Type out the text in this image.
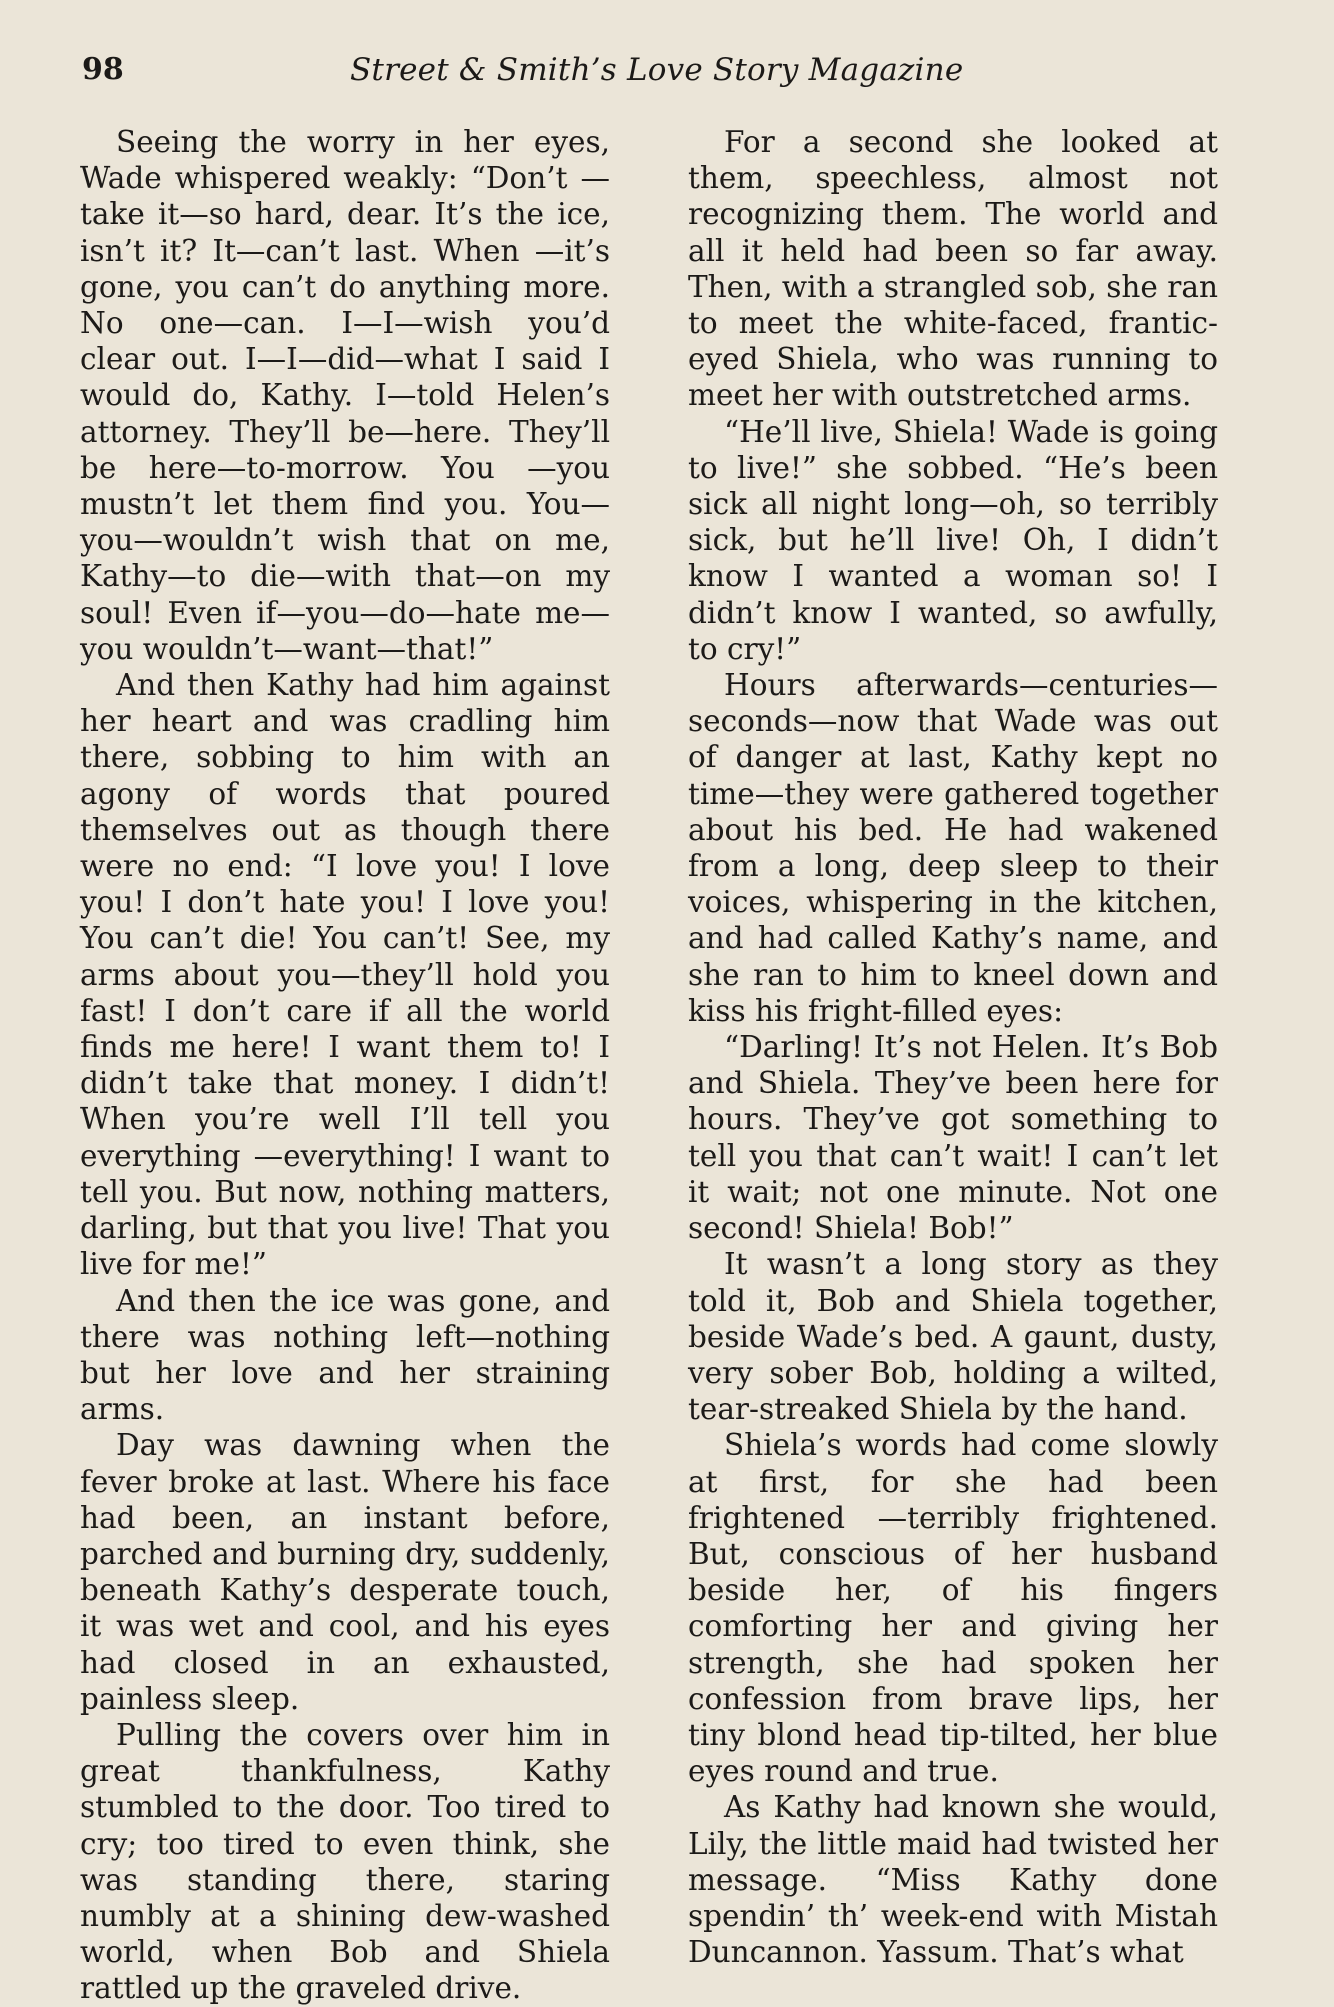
98	Street & Smith’s Love Story Magazine

Seeing the worry in her eyes, Wade whispered weakly: “Don’t —take it—so hard, dear. It’s the ice, isn’t it? It—can’t last. When —it’s gone, you can’t do anything more. No one—can. I—I—wish you’d clear out. I—I—did—what I said I would do, Kathy. I—told Helen’s attorney. They’ll be—here. They’ll be here—to-morrow. You —you mustn’t let them find you. You—you—wouldn’t wish that on me, Kathy—to die—with that—on my soul! Even if—you—do—hate me—you wouldn’t—want—that!”

And then Kathy had him against her heart and was cradling him there, sobbing to him with an agony of words that poured themselves out as though there were no end: “I love you! I love you! I don’t hate you! I love you! You can’t die! You can’t! See, my arms about you—they’ll hold you fast! I don’t care if all the world finds me here! I want them to! I didn’t take that money. I didn’t! When you’re well I’ll tell you everything —everything! I want to tell you. But now, nothing matters, darling, but that you live! That you live for me!”

And then the ice was gone, and there was nothing left—nothing but her love and her straining arms.

Day was dawning when the fever broke at last. Where his face had been, an instant before, parched and burning dry, suddenly, beneath Kathy’s desperate touch, it was wet and cool, and his eyes had closed in an exhausted, painless sleep.

Pulling the covers over him in great thankfulness, Kathy stumbled to the door. Too tired to cry; too tired to even think, she was standing there, staring numbly at a shining dew-washed world, when Bob and Shiela rattled up the graveled drive.

For a second she looked at them, speechless, almost not recognizing them. The world and all it held had been so far away. Then, with a strangled sob, she ran to meet the white-faced, frantic-eyed Shiela, who was running to meet her with outstretched arms.

“He’ll live, Shiela! Wade is going to live!” she sobbed. “He’s been sick all night long—oh, so terribly sick, but he’ll live! Oh, I didn’t know I wanted a woman so! I didn’t know I wanted, so awfully, to cry!”

Hours afterwards—centuries—seconds—now that Wade was out of danger at last, Kathy kept no time—they were gathered together about his bed. He had wakened from a long, deep sleep to their voices, whispering in the kitchen, and had called Kathy’s name, and she ran to him to kneel down and kiss his fright-filled eyes:

“Darling! It’s not Helen. It’s Bob and Shiela. They’ve been here for hours. They’ve got something to tell you that can’t wait! I can’t let it wait; not one minute. Not one second! Shiela! Bob!”

It wasn’t a long story as they told it, Bob and Shiela together, beside Wade’s bed. A gaunt, dusty, very sober Bob, holding a wilted, tear-streaked Shiela by the hand.

Shiela’s words had come slowly at first, for she had been frightened —terribly frightened. But, conscious of her husband beside her, of his fingers comforting her and giving her strength, she had spoken her confession from brave lips, her tiny blond head tip-tilted, her blue eyes round and true.

As Kathy had known she would, Lily, the little maid had twisted her message. “Miss Kathy done spendin’ th’ week-end with Mistah Duncannon. Yassum. That’s what
